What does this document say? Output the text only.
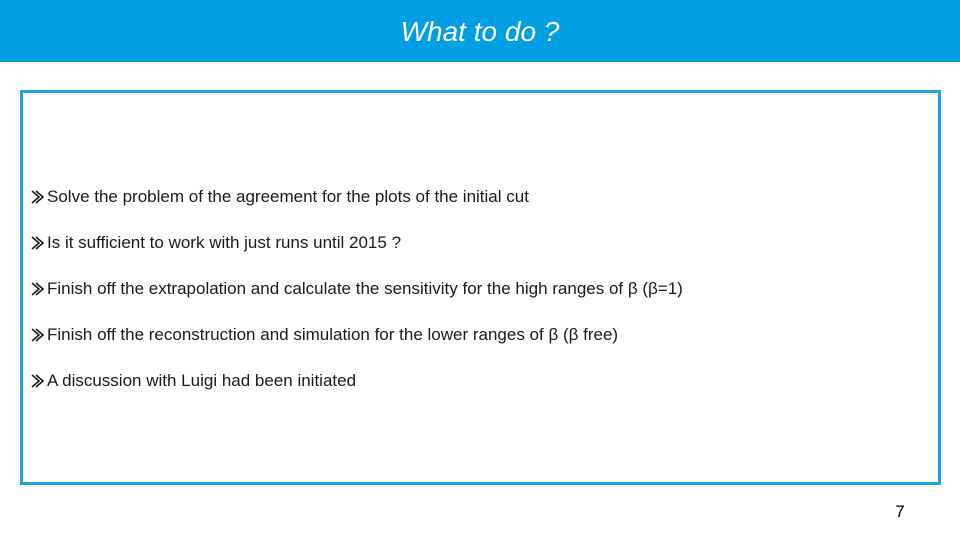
What to do ?
Solve the problem of the agreement for the plots of the initial cut
Is it sufficient to work with just runs until 2015 ?
Finish off the extrapolation and calculate the sensitivity for the high ranges of β (β=1)
Finish off the reconstruction and simulation for the lower ranges of β (β free)
A discussion with Luigi had been initiated
7
